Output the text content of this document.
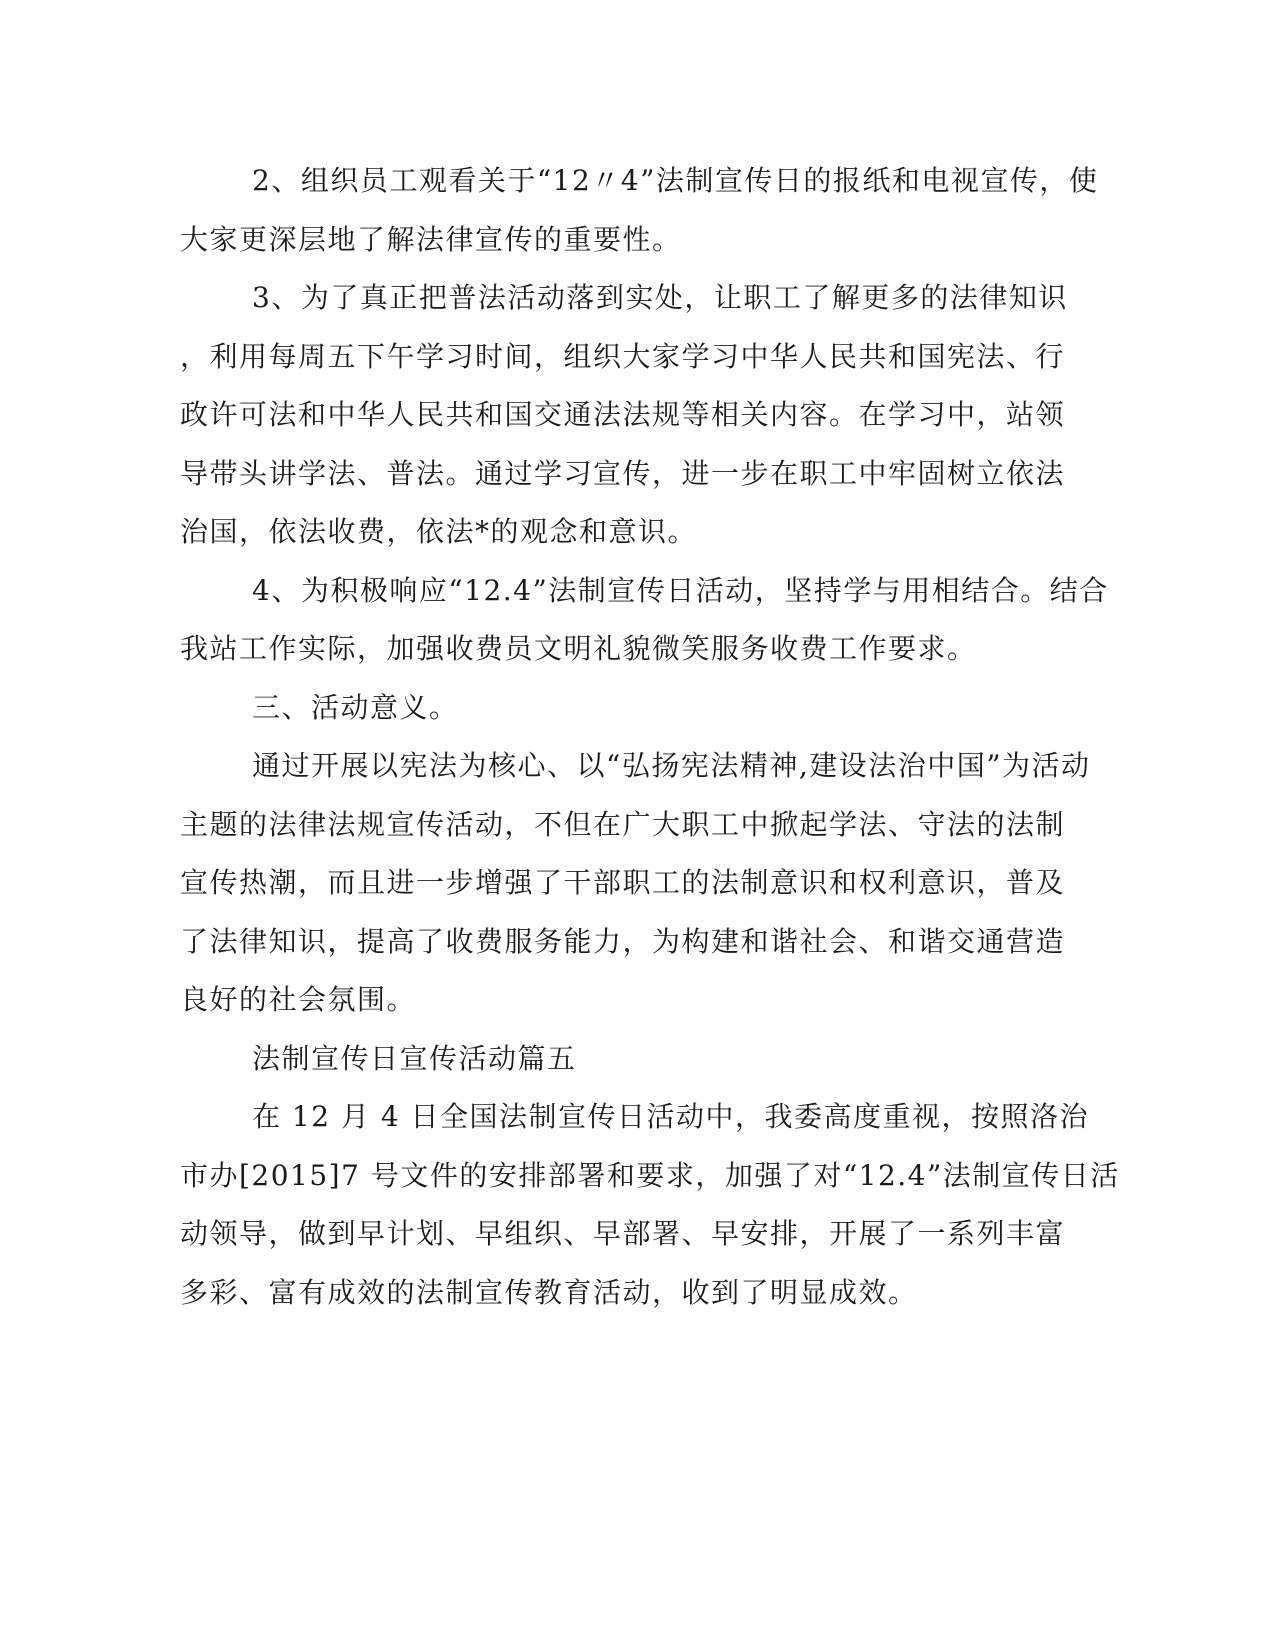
2、组织员工观看关于“12〃4”法制宣传日的报纸和电视宣传，使
大家更深层地了解法律宣传的重要性。
3、为了真正把普法活动落到实处，让职工了解更多的法律知识
，利用每周五下午学习时间，组织大家学习中华人民共和国宪法、行
政许可法和中华人民共和国交通法法规等相关内容。在学习中，站领
导带头讲学法、普法。通过学习宣传，进一步在职工中牢固树立依法
治国，依法收费，依法*的观念和意识。
4、为积极响应“12.4”法制宣传日活动，坚持学与用相结合。结合
我站工作实际，加强收费员文明礼貌微笑服务收费工作要求。
三、活动意义。
通过开展以宪法为核心、以“弘扬宪法精神,建设法治中国”为活动
主题的法律法规宣传活动，不但在广大职工中掀起学法、守法的法制
宣传热潮，而且进一步增强了干部职工的法制意识和权利意识，普及
了法律知识，提高了收费服务能力，为构建和谐社会、和谐交通营造
良好的社会氛围。
法制宣传日宣传活动篇五
在 12 月 4 日全国法制宣传日活动中，我委高度重视，按照洛治
市办[2015]7 号文件的安排部署和要求，加强了对“12.4”法制宣传日活
动领导，做到早计划、早组织、早部署、早安排，开展了一系列丰富
多彩、富有成效的法制宣传教育活动，收到了明显成效。
